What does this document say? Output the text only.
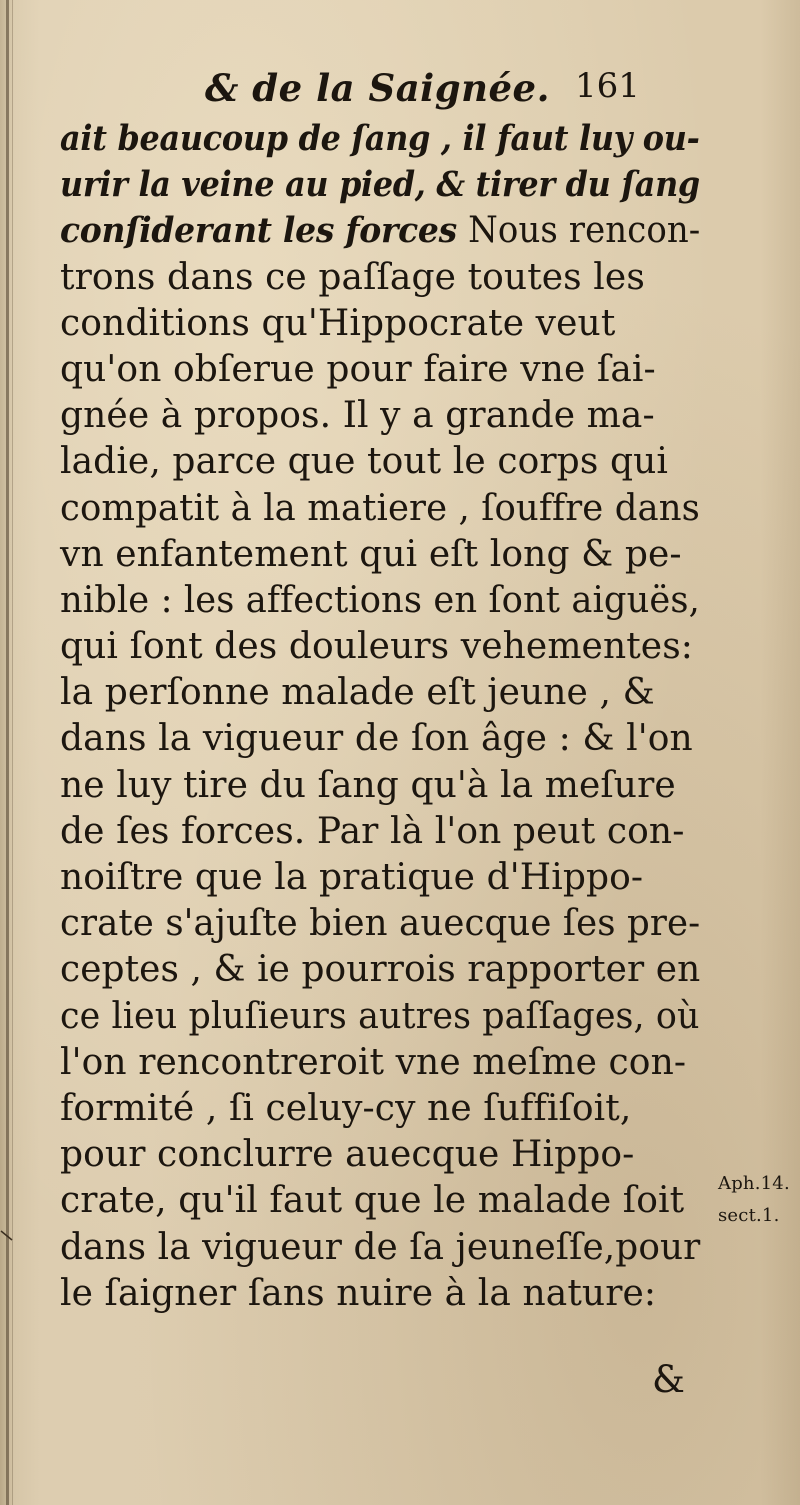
& de la Saignée. 161
ait beaucoup de ſang , il faut luy ou-
urir la veine au pied, & tirer du ſang
conſiderant les forces Nous rencon-
trons dans ce paſſage toutes les
conditions qu'Hippocrate veut
qu'on obſerue pour faire vne ſai-
gnée à propos. Il y a grande ma-
ladie, parce que tout le corps qui
compatit à la matiere , ſouffre dans
vn enfantement qui eſt long & pe-
nible : les affections en ſont aiguës,
qui ſont des douleurs vehementes:
la perſonne malade eſt jeune , &
dans la vigueur de ſon âge : & l'on
ne luy tire du ſang qu'à la meſure
de ſes forces. Par là l'on peut con-
noiſtre que la pratique d'Hippo-
crate s'ajuſte bien auecque ſes pre-
ceptes , & ie pourrois rapporter en
ce lieu pluſieurs autres paſſages, où
l'on rencontreroit vne meſme con-
formité , ſi celuy-cy ne ſuffiſoit,
pour conclurre auecque Hippo-
crate, qu'il faut que le malade ſoit
dans la vigueur de ſa jeuneſſe,pour
le ſaigner ſans nuire à la nature:
&
Aph.14.
sect.1.
